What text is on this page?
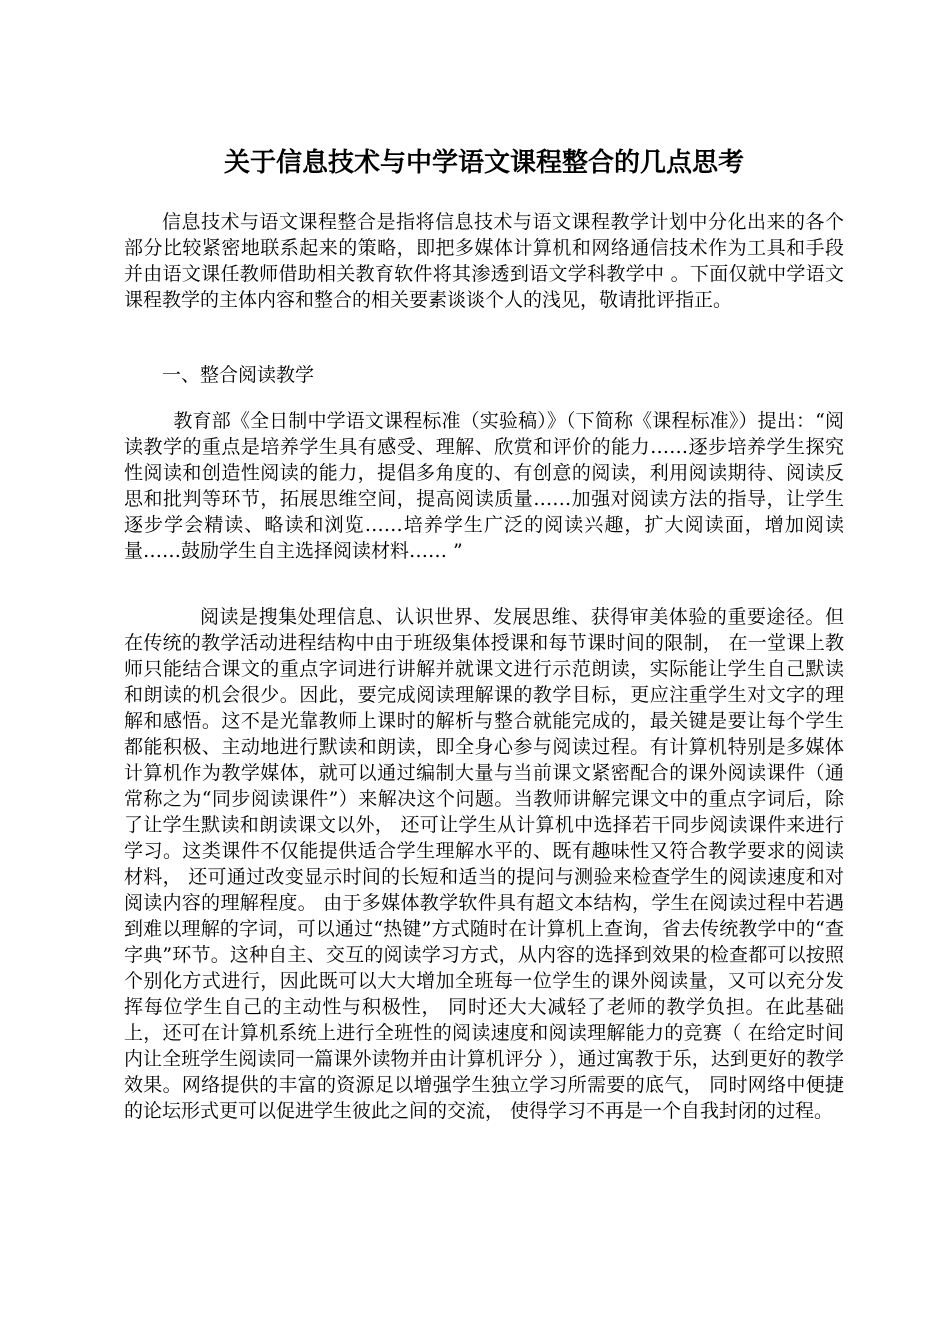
关于信息技术与中学语文课程整合的几点思考

信息技术与语文课程整合是指将信息技术与语文课程教学计划中分化出来的各个部分比较紧密地联系起来的策略，即把多媒体计算机和网络通信技术作为工具和手段并由语文课任教师借助相关教育软件将其渗透到语文学科教学中 。下面仅就中学语文课程教学的主体内容和整合的相关要素谈谈个人的浅见，敬请批评指正。

一、整合阅读教学

教育部《全日制中学语文课程标准（实验稿）》（下简称《课程标准》）提出：“阅读教学的重点是培养学生具有感受、理解、欣赏和评价的能力……逐步培养学生探究性阅读和创造性阅读的能力，提倡多角度的、有创意的阅读，利用阅读期待、阅读反思和批判等环节，拓展思维空间，提高阅读质量……加强对阅读方法的指导，让学生逐步学会精读、略读和浏览……培养学生广泛的阅读兴趣，扩大阅读面，增加阅读量……鼓励学生自主选择阅读材料…… ”

阅读是搜集处理信息、认识世界、发展思维、获得审美体验的重要途径。但在传统的教学活动进程结构中由于班级集体授课和每节课时间的限制， 在一堂课上教师只能结合课文的重点字词进行讲解并就课文进行示范朗读，实际能让学生自己默读和朗读的机会很少。因此，要完成阅读理解课的教学目标，更应注重学生对文字的理解和感悟。这不是光靠教师上课时的解析与整合就能完成的，最关键是要让每个学生都能积极、主动地进行默读和朗读，即全身心参与阅读过程。有计算机特别是多媒体计算机作为教学媒体，就可以通过编制大量与当前课文紧密配合的课外阅读课件（通常称之为“同步阅读课件”）来解决这个问题。当教师讲解完课文中的重点字词后，除了让学生默读和朗读课文以外， 还可让学生从计算机中选择若干同步阅读课件来进行学习。这类课件不仅能提供适合学生理解水平的、既有趣味性又符合教学要求的阅读材料， 还可通过改变显示时间的长短和适当的提问与测验来检查学生的阅读速度和对阅读内容的理解程度。 由于多媒体教学软件具有超文本结构，学生在阅读过程中若遇到难以理解的字词，可以通过“热键”方式随时在计算机上查询，省去传统教学中的“查字典”环节。这种自主、交互的阅读学习方式，从内容的选择到效果的检查都可以按照个别化方式进行，因此既可以大大增加全班每一位学生的课外阅读量，又可以充分发挥每位学生自己的主动性与积极性， 同时还大大减轻了老师的教学负担。在此基础上，还可在计算机系统上进行全班性的阅读速度和阅读理解能力的竞赛（ 在给定时间内让全班学生阅读同一篇课外读物并由计算机评分 ），通过寓教于乐，达到更好的教学效果。网络提供的丰富的资源足以增强学生独立学习所需要的底气， 同时网络中便捷的论坛形式更可以促进学生彼此之间的交流， 使得学习不再是一个自我封闭的过程。
